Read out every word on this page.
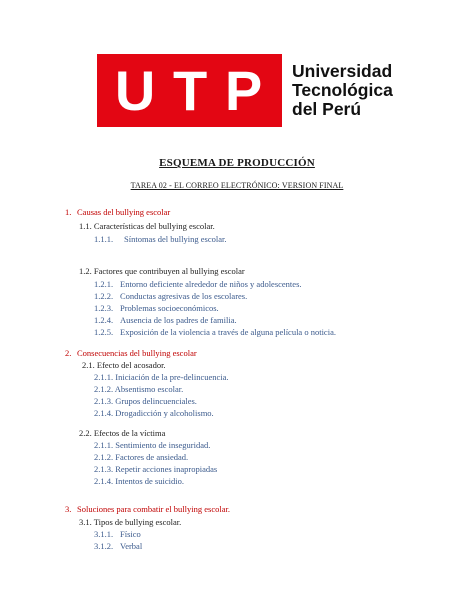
U T P Universidad
Tecnológica
del Perú
ESQUEMA DE PRODUCCIÓN
TAREA 02 - EL CORREO ELECTRÓNICO: VERSION FINAL
1. Causas del bullying escolar
1.1. Características del bullying escolar.
1.1.1. Síntomas del bullying escolar.
1.2. Factores que contribuyen al bullying escolar
1.2.1. Entorno deficiente alrededor de niños y adolescentes.
1.2.2. Conductas agresivas de los escolares.
1.2.3. Problemas socioeconómicos.
1.2.4. Ausencia de los padres de familia.
1.2.5. Exposición de la violencia a través de alguna película o noticia.
2. Consecuencias del bullying escolar
2.1. Efecto del acosador.
2.1.1. Iniciación de la pre-delincuencia.
2.1.2. Absentismo escolar.
2.1.3. Grupos delincuenciales.
2.1.4. Drogadicción y alcoholismo.
2.2. Efectos de la víctima
2.1.1. Sentimiento de inseguridad.
2.1.2. Factores de ansiedad.
2.1.3. Repetir acciones inapropiadas
2.1.4. Intentos de suicidio.
3. Soluciones para combatir el bullying escolar.
3.1. Tipos de bullying escolar.
3.1.1. Físico
3.1.2. Verbal
